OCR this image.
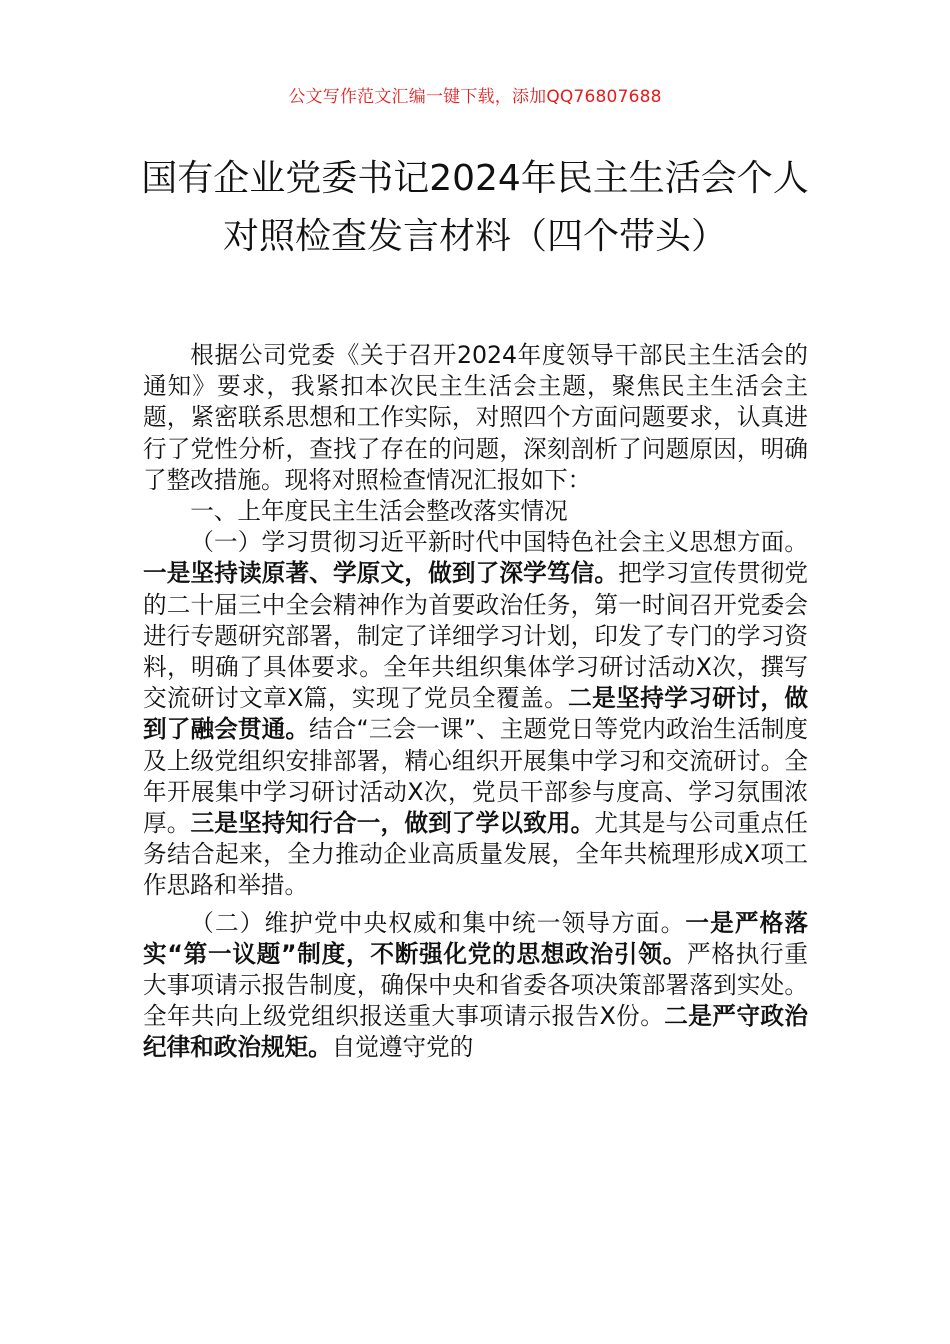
公文写作范文汇编一键下载，添加QQ76807688
国有企业党委书记2024年民主生活会个人
对照检查发言材料（四个带头）

根据公司党委《关于召开2024年度领导干部民主生活会的通知》要求，我紧扣本次民主生活会主题，聚焦民主生活会主题，紧密联系思想和工作实际，对照四个方面问题要求，认真进行了党性分析，查找了存在的问题，深刻剖析了问题原因，明确了整改措施。现将对照检查情况汇报如下：

一、上年度民主生活会整改落实情况

（一）学习贯彻习近平新时代中国特色社会主义思想方面。一是坚持读原著、学原文，做到了深学笃信。把学习宣传贯彻党的二十届三中全会精神作为首要政治任务，第一时间召开党委会进行专题研究部署，制定了详细学习计划，印发了专门的学习资料，明确了具体要求。全年共组织集体学习研讨活动X次，撰写交流研讨文章X篇，实现了党员全覆盖。二是坚持学习研讨，做到了融会贯通。结合“三会一课”、主题党日等党内政治生活制度及上级党组织安排部署，精心组织开展集中学习和交流研讨。全年开展集中学习研讨活动X次，党员干部参与度高、学习氛围浓厚。三是坚持知行合一，做到了学以致用。尤其是与公司重点任务结合起来，全力推动企业高质量发展，全年共梳理形成X项工作思路和举措。

（二）维护党中央权威和集中统一领导方面。一是严格落实“第一议题”制度，不断强化党的思想政治引领。严格执行重大事项请示报告制度，确保中央和省委各项决策部署落到实处。全年共向上级党组织报送重大事项请示报告X份。二是严守政治纪律和政治规矩。自觉遵守党的
